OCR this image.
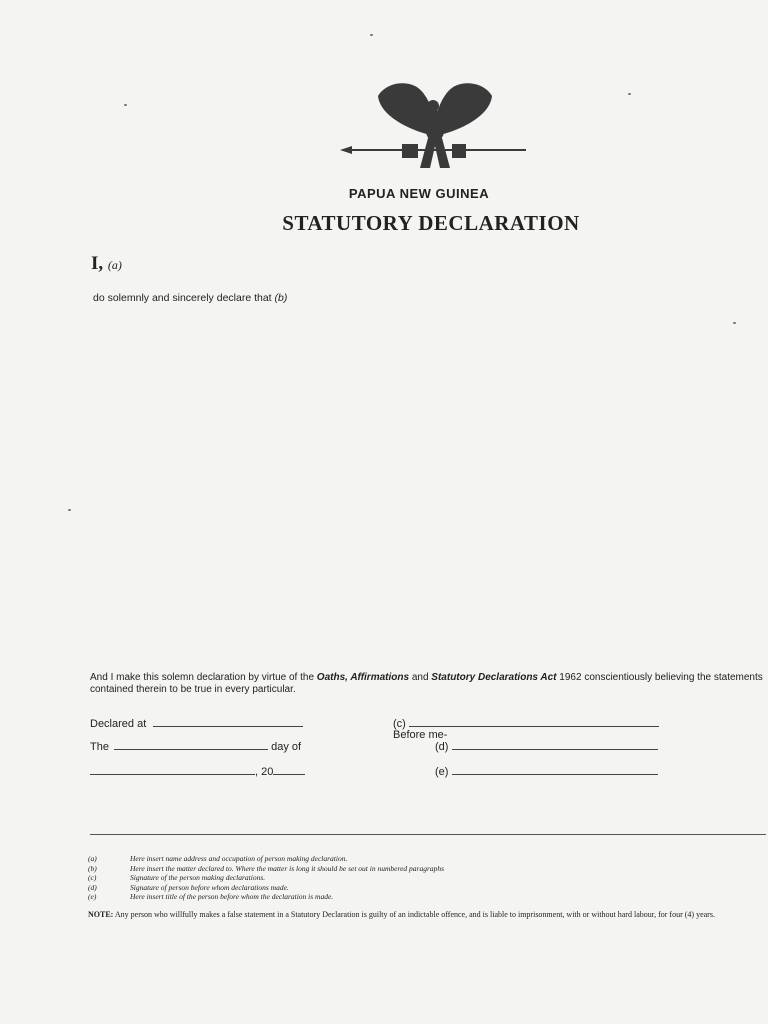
PAPUA NEW GUINEA
STATUTORY DECLARATION
I, (a)
do solemnly and sincerely declare that (b)
And I make this solemn declaration by virtue of the Oaths, Affirmations and Statutory Declarations Act 1962 conscientiously believing the statements contained therein to be true in every particular.
Declared at
The	day of
, 20
(c)
Before me-
(d)
(e)
(a)	Here insert name address and occupation of person making declaration.
(b)	Here insert the matter declared to. Where the matter is long it should be set out in numbered paragraphs
(c)	Signature of the person making declarations.
(d)	Signature of person before whom declarations made.
(e)	Here insert title of the person before whom the declaration is made.
NOTE: Any person who willfully makes a false statement in a Statutory Declaration is guilty of an indictable offence, and is liable to imprisonment, with or without hard labour, for four (4) years.
